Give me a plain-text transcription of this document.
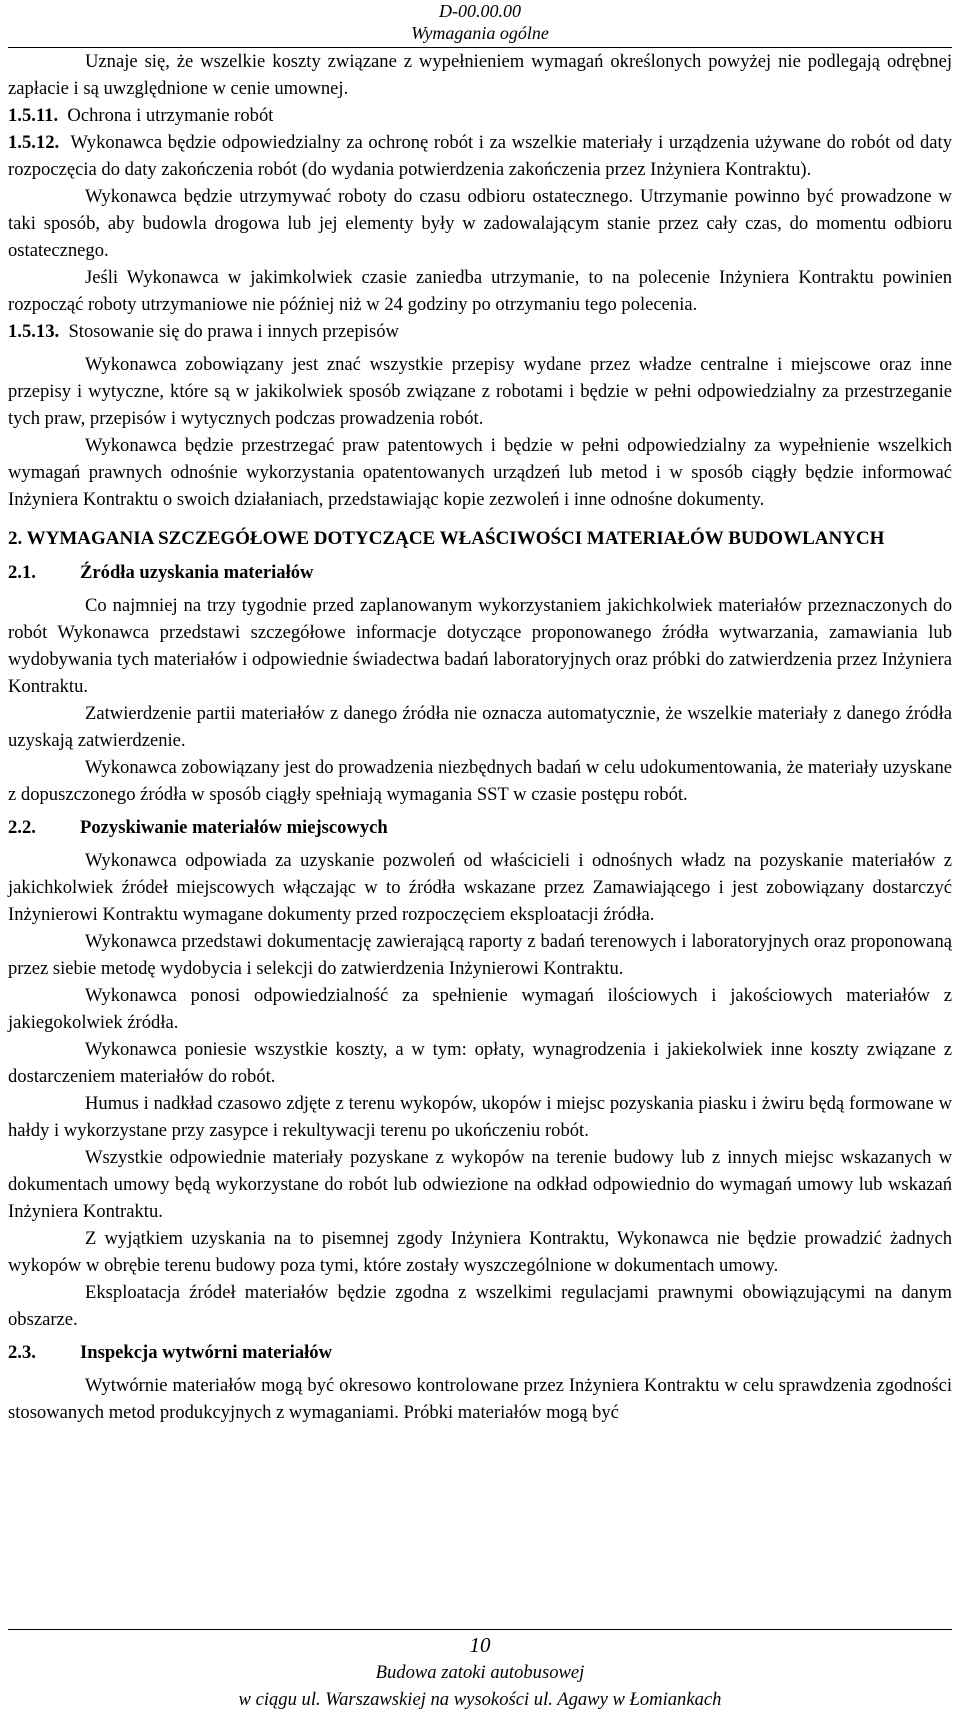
D-00.00.00
Wymagania ogólne

Uznaje się, że wszelkie koszty związane z wypełnieniem wymagań określonych powyżej nie podlegają odrębnej zapłacie i są uwzględnione w cenie umownej.

1.5.11. Ochrona i utrzymanie robót

1.5.12. Wykonawca będzie odpowiedzialny za ochronę robót i za wszelkie materiały i urządzenia używane do robót od daty rozpoczęcia do daty zakończenia robót (do wydania potwierdzenia zakończenia przez Inżyniera Kontraktu).

Wykonawca będzie utrzymywać roboty do czasu odbioru ostatecznego. Utrzymanie powinno być prowadzone w taki sposób, aby budowla drogowa lub jej elementy były w zadowalającym stanie przez cały czas, do momentu odbioru ostatecznego.

Jeśli Wykonawca w jakimkolwiek czasie zaniedba utrzymanie, to na polecenie Inżyniera Kontraktu powinien rozpocząć roboty utrzymaniowe nie później niż w 24 godziny po otrzymaniu tego polecenia.

1.5.13. Stosowanie się do prawa i innych przepisów

Wykonawca zobowiązany jest znać wszystkie przepisy wydane przez władze centralne i miejscowe oraz inne przepisy i wytyczne, które są w jakikolwiek sposób związane z robotami i będzie w pełni odpowiedzialny za przestrzeganie tych praw, przepisów i wytycznych podczas prowadzenia robót.

Wykonawca będzie przestrzegać praw patentowych i będzie w pełni odpowiedzialny za wypełnienie wszelkich wymagań prawnych odnośnie wykorzystania opatentowanych urządzeń lub metod i w sposób ciągły będzie informować Inżyniera Kontraktu o swoich działaniach, przedstawiając kopie zezwoleń i inne odnośne dokumenty.

2. WYMAGANIA SZCZEGÓŁOWE DOTYCZĄCE WŁAŚCIWOŚCI MATERIAŁÓW BUDOWLANYCH

2.1. Źródła uzyskania materiałów

Co najmniej na trzy tygodnie przed zaplanowanym wykorzystaniem jakichkolwiek materiałów przeznaczonych do robót Wykonawca przedstawi szczegółowe informacje dotyczące proponowanego źródła wytwarzania, zamawiania lub wydobywania tych materiałów i odpowiednie świadectwa badań laboratoryjnych oraz próbki do zatwierdzenia przez Inżyniera Kontraktu.

Zatwierdzenie partii materiałów z danego źródła nie oznacza automatycznie, że wszelkie materiały z danego źródła uzyskają zatwierdzenie.

Wykonawca zobowiązany jest do prowadzenia niezbędnych badań w celu udokumentowania, że materiały uzyskane z dopuszczonego źródła w sposób ciągły spełniają wymagania SST w czasie postępu robót.

2.2. Pozyskiwanie materiałów miejscowych

Wykonawca odpowiada za uzyskanie pozwoleń od właścicieli i odnośnych władz na pozyskanie materiałów z jakichkolwiek źródeł miejscowych włączając w to źródła wskazane przez Zamawiającego i jest zobowiązany dostarczyć Inżynierowi Kontraktu wymagane dokumenty przed rozpoczęciem eksploatacji źródła.

Wykonawca przedstawi dokumentację zawierającą raporty z badań terenowych i laboratoryjnych oraz proponowaną przez siebie metodę wydobycia i selekcji do zatwierdzenia Inżynierowi Kontraktu.

Wykonawca ponosi odpowiedzialność za spełnienie wymagań ilościowych i jakościowych materiałów z jakiegokolwiek źródła.

Wykonawca poniesie wszystkie koszty, a w tym: opłaty, wynagrodzenia i jakiekolwiek inne koszty związane z dostarczeniem materiałów do robót.

Humus i nadkład czasowo zdjęte z terenu wykopów, ukopów i miejsc pozyskania piasku i żwiru będą formowane w hałdy i wykorzystane przy zasypce i rekultywacji terenu po ukończeniu robót.

Wszystkie odpowiednie materiały pozyskane z wykopów na terenie budowy lub z innych miejsc wskazanych w dokumentach umowy będą wykorzystane do robót lub odwiezione na odkład odpowiednio do wymagań umowy lub wskazań Inżyniera Kontraktu.

Z wyjątkiem uzyskania na to pisemnej zgody Inżyniera Kontraktu, Wykonawca nie będzie prowadzić żadnych wykopów w obrębie terenu budowy poza tymi, które zostały wyszczególnione w dokumentach umowy.

Eksploatacja źródeł materiałów będzie zgodna z wszelkimi regulacjami prawnymi obowiązującymi na danym obszarze.

2.3. Inspekcja wytwórni materiałów

Wytwórnie materiałów mogą być okresowo kontrolowane przez Inżyniera Kontraktu w celu sprawdzenia zgodności stosowanych metod produkcyjnych z wymaganiami. Próbki materiałów mogą być

10
Budowa zatoki autobusowej
w ciągu ul. Warszawskiej na wysokości ul. Agawy w Łomiankach
